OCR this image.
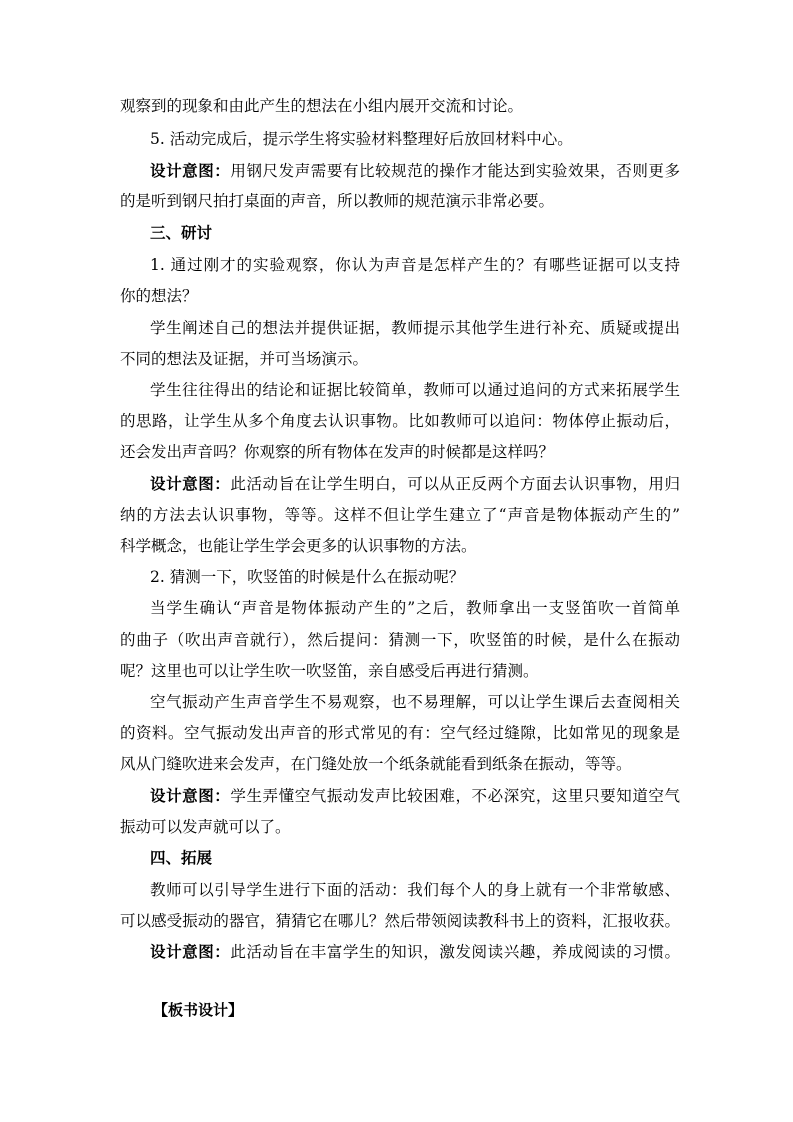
观察到的现象和由此产生的想法在小组内展开交流和讨论。
5. 活动完成后，提示学生将实验材料整理好后放回材料中心。
设计意图：用钢尺发声需要有比较规范的操作才能达到实验效果，否则更多
的是听到钢尺拍打桌面的声音，所以教师的规范演示非常必要。
三、研讨
1. 通过刚才的实验观察，你认为声音是怎样产生的？有哪些证据可以支持
你的想法？
学生阐述自己的想法并提供证据，教师提示其他学生进行补充、质疑或提出
不同的想法及证据，并可当场演示。
学生往往得出的结论和证据比较简单，教师可以通过追问的方式来拓展学生
的思路，让学生从多个角度去认识事物。比如教师可以追问：物体停止振动后，
还会发出声音吗？你观察的所有物体在发声的时候都是这样吗？
设计意图：此活动旨在让学生明白，可以从正反两个方面去认识事物，用归
纳的方法去认识事物，等等。这样不但让学生建立了“声音是物体振动产生的”
科学概念，也能让学生学会更多的认识事物的方法。
2. 猜测一下，吹竖笛的时候是什么在振动呢？
当学生确认“声音是物体振动产生的”之后，教师拿出一支竖笛吹一首简单
的曲子（吹出声音就行），然后提问：猜测一下，吹竖笛的时候，是什么在振动
呢？这里也可以让学生吹一吹竖笛，亲自感受后再进行猜测。
空气振动产生声音学生不易观察，也不易理解，可以让学生课后去查阅相关
的资料。空气振动发出声音的形式常见的有：空气经过缝隙，比如常见的现象是
风从门缝吹进来会发声，在门缝处放一个纸条就能看到纸条在振动，等等。
设计意图：学生弄懂空气振动发声比较困难，不必深究，这里只要知道空气
振动可以发声就可以了。
四、拓展
教师可以引导学生进行下面的活动：我们每个人的身上就有一个非常敏感、
可以感受振动的器官，猜猜它在哪儿？然后带领阅读教科书上的资料，汇报收获。
设计意图：此活动旨在丰富学生的知识，激发阅读兴趣，养成阅读的习惯。
【板书设计】
